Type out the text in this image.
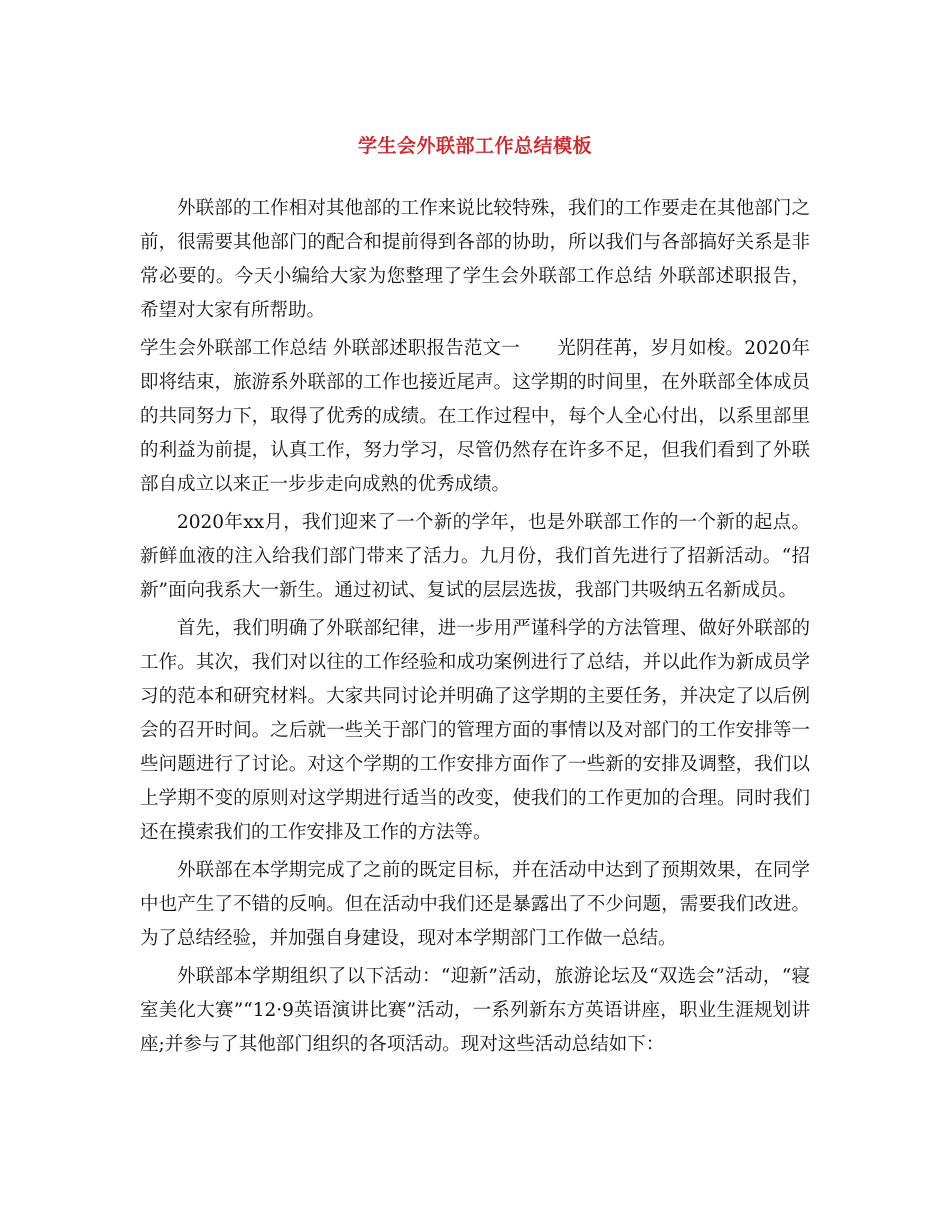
学生会外联部工作总结模板

外联部的工作相对其他部的工作来说比较特殊，我们的工作要走在其他部门之前，很需要其他部门的配合和提前得到各部的协助，所以我们与各部搞好关系是非常必要的。今天小编给大家为您整理了学生会外联部工作总结 外联部述职报告，希望对大家有所帮助。

学生会外联部工作总结 外联部述职报告范文一　　光阴荏苒，岁月如梭。2020年即将结束，旅游系外联部的工作也接近尾声。这学期的时间里，在外联部全体成员的共同努力下，取得了优秀的成绩。在工作过程中，每个人全心付出，以系里部里的利益为前提，认真工作，努力学习，尽管仍然存在许多不足，但我们看到了外联部自成立以来正一步步走向成熟的优秀成绩。

2020年xx月，我们迎来了一个新的学年，也是外联部工作的一个新的起点。新鲜血液的注入给我们部门带来了活力。九月份，我们首先进行了招新活动。“招新”面向我系大一新生。通过初试、复试的层层选拔，我部门共吸纳五名新成员。

首先，我们明确了外联部纪律，进一步用严谨科学的方法管理、做好外联部的工作。其次，我们对以往的工作经验和成功案例进行了总结，并以此作为新成员学习的范本和研究材料。大家共同讨论并明确了这学期的主要任务，并决定了以后例会的召开时间。之后就一些关于部门的管理方面的事情以及对部门的工作安排等一些问题进行了讨论。对这个学期的工作安排方面作了一些新的安排及调整，我们以上学期不变的原则对这学期进行适当的改变，使我们的工作更加的合理。同时我们还在摸索我们的工作安排及工作的方法等。

外联部在本学期完成了之前的既定目标，并在活动中达到了预期效果，在同学中也产生了不错的反响。但在活动中我们还是暴露出了不少问题，需要我们改进。为了总结经验，并加强自身建设，现对本学期部门工作做一总结。

外联部本学期组织了以下活动：“迎新”活动，旅游论坛及“双选会”活动，“寝室美化大赛”“12·9英语演讲比赛”活动，一系列新东方英语讲座，职业生涯规划讲座;并参与了其他部门组织的各项活动。现对这些活动总结如下：
